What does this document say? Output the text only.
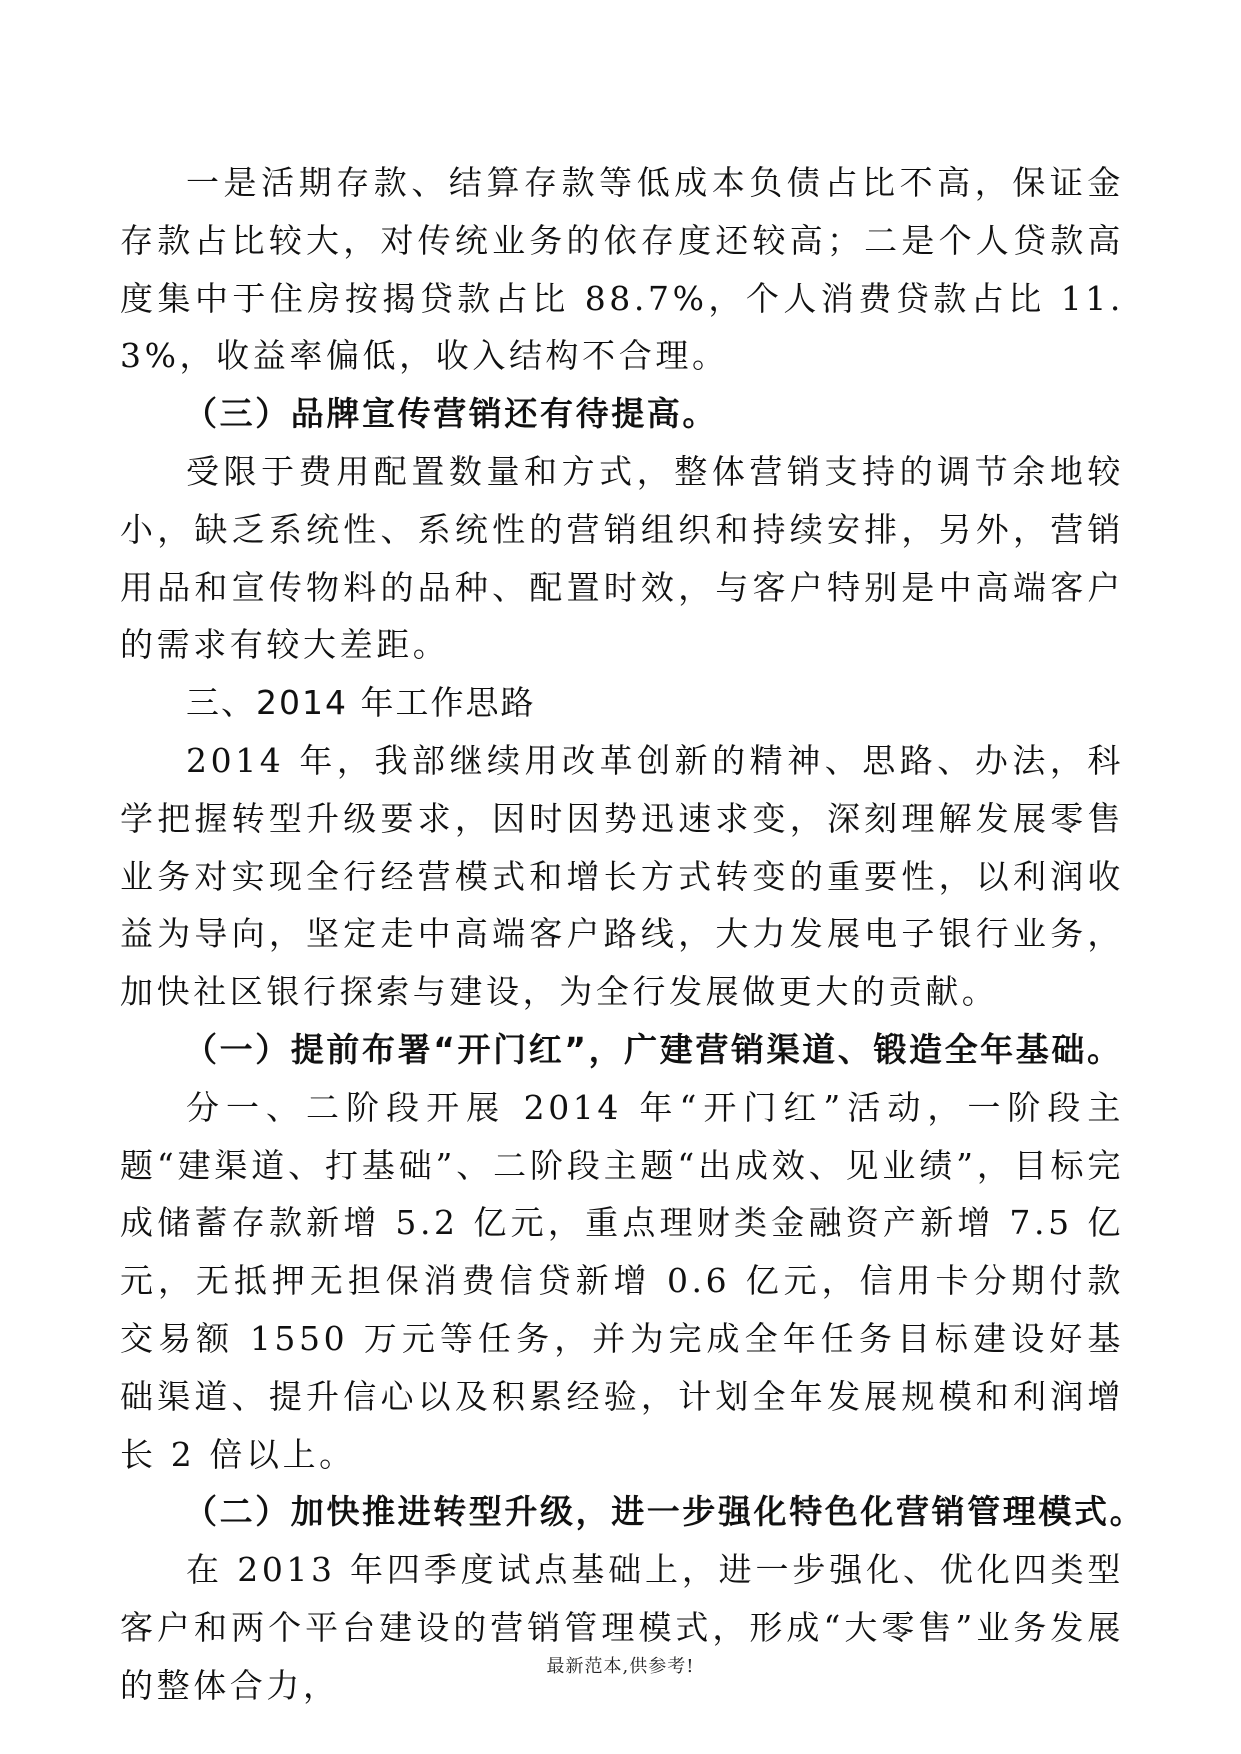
一是活期存款、结算存款等低成本负债占比不高，保证金存款占比较大，对传统业务的依存度还较高；二是个人贷款高度集中于住房按揭贷款占比 88.7%，个人消费贷款占比 11.3%，收益率偏低，收入结构不合理。

（三）品牌宣传营销还有待提高。

受限于费用配置数量和方式，整体营销支持的调节余地较小，缺乏系统性、系统性的营销组织和持续安排，另外，营销用品和宣传物料的品种、配置时效，与客户特别是中高端客户的需求有较大差距。

三、2014 年工作思路

2014 年，我部继续用改革创新的精神、思路、办法，科学把握转型升级要求，因时因势迅速求变，深刻理解发展零售业务对实现全行经营模式和增长方式转变的重要性，以利润收益为导向，坚定走中高端客户路线，大力发展电子银行业务，加快社区银行探索与建设，为全行发展做更大的贡献。

（一）提前布署“开门红”，广建营销渠道、锻造全年基础。

分一、二阶段开展 2014 年“开门红”活动，一阶段主题“建渠道、打基础”、二阶段主题“出成效、见业绩”，目标完成储蓄存款新增 5.2 亿元，重点理财类金融资产新增 7.5 亿元，无抵押无担保消费信贷新增 0.6 亿元，信用卡分期付款交易额 1550 万元等任务，并为完成全年任务目标建设好基础渠道、提升信心以及积累经验，计划全年发展规模和利润增长 2 倍以上。

（二）加快推进转型升级，进一步强化特色化营销管理模式。

在 2013 年四季度试点基础上，进一步强化、优化四类型客户和两个平台建设的营销管理模式，形成“大零售”业务发展的整体合力，	最新范本,供参考!
